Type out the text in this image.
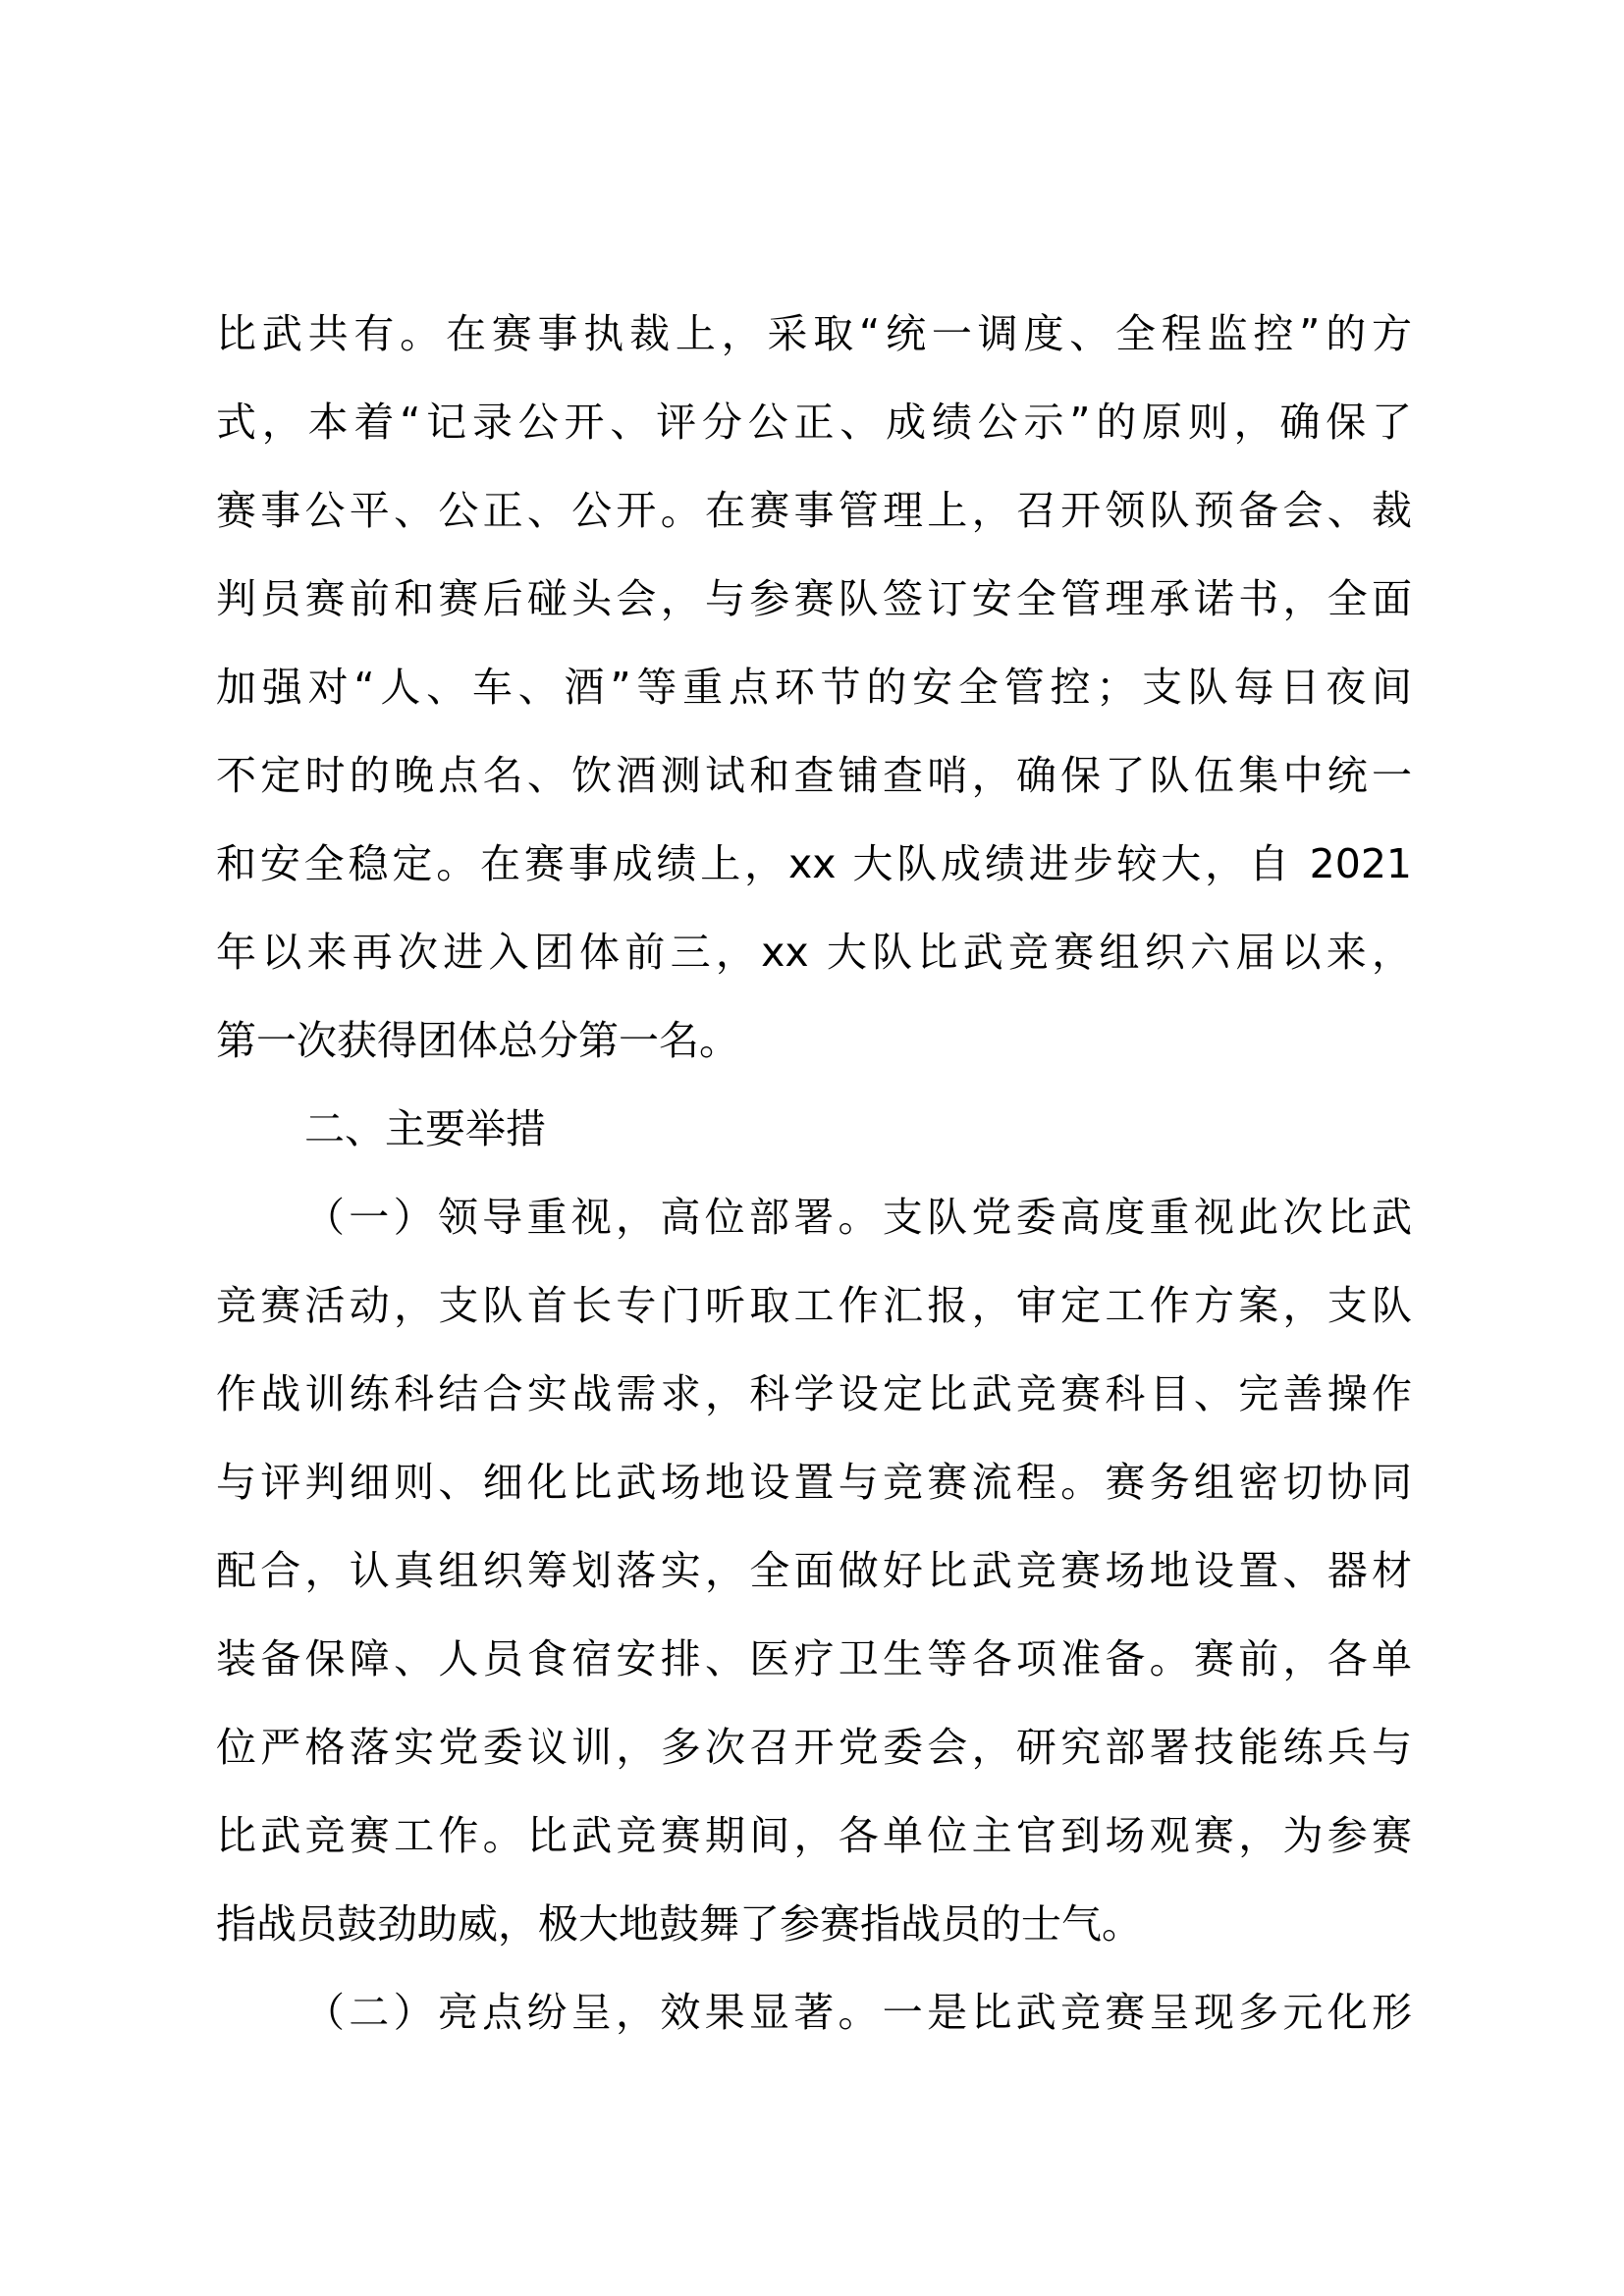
比武共有。在赛事执裁上，采取“统一调度、全程监控”的方

式，本着“记录公开、评分公正、成绩公示”的原则，确保了

赛事公平、公正、公开。在赛事管理上，召开领队预备会、裁

判员赛前和赛后碰头会，与参赛队签订安全管理承诺书，全面

加强对“人、车、酒”等重点环节的安全管控；支队每日夜间

不定时的晚点名、饮酒测试和查铺查哨，确保了队伍集中统一

和安全稳定。在赛事成绩上，xx 大队成绩进步较大，自 2021

年以来再次进入团体前三，xx 大队比武竞赛组织六届以来，

第一次获得团体总分第一名。

二、主要举措

（一）领导重视，高位部署。支队党委高度重视此次比武

竞赛活动，支队首长专门听取工作汇报，审定工作方案，支队

作战训练科结合实战需求，科学设定比武竞赛科目、完善操作

与评判细则、细化比武场地设置与竞赛流程。赛务组密切协同

配合，认真组织筹划落实，全面做好比武竞赛场地设置、器材

装备保障、人员食宿安排、医疗卫生等各项准备。赛前，各单

位严格落实党委议训，多次召开党委会，研究部署技能练兵与

比武竞赛工作。比武竞赛期间，各单位主官到场观赛，为参赛

指战员鼓劲助威，极大地鼓舞了参赛指战员的士气。

（二）亮点纷呈，效果显著。一是比武竞赛呈现多元化形
